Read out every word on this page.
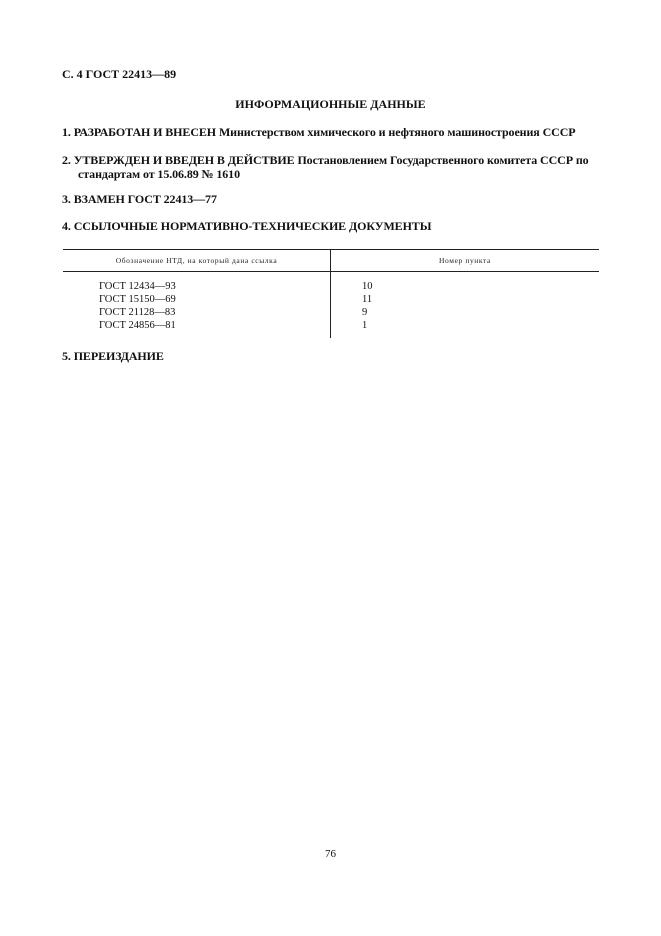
С. 4 ГОСТ 22413—89
ИНФОРМАЦИОННЫЕ ДАННЫЕ
1. РАЗРАБОТАН И ВНЕСЕН Министерством химического и нефтяного машиностроения СССР
2. УТВЕРЖДЕН И ВВЕДЕН В ДЕЙСТВИЕ Постановлением Государственного комитета СССР по
стандартам от 15.06.89 № 1610
3. ВЗАМЕН ГОСТ 22413—77
4. ССЫЛОЧНЫЕ НОРМАТИВНО-ТЕХНИЧЕСКИЕ ДОКУМЕНТЫ
Обозначение НТД, на который дана ссылка	Номер пункта
ГОСТ 12434—93	10
ГОСТ 15150—69	11
ГОСТ 21128—83	9
ГОСТ 24856—81	1
5. ПЕРЕИЗДАНИЕ
76
